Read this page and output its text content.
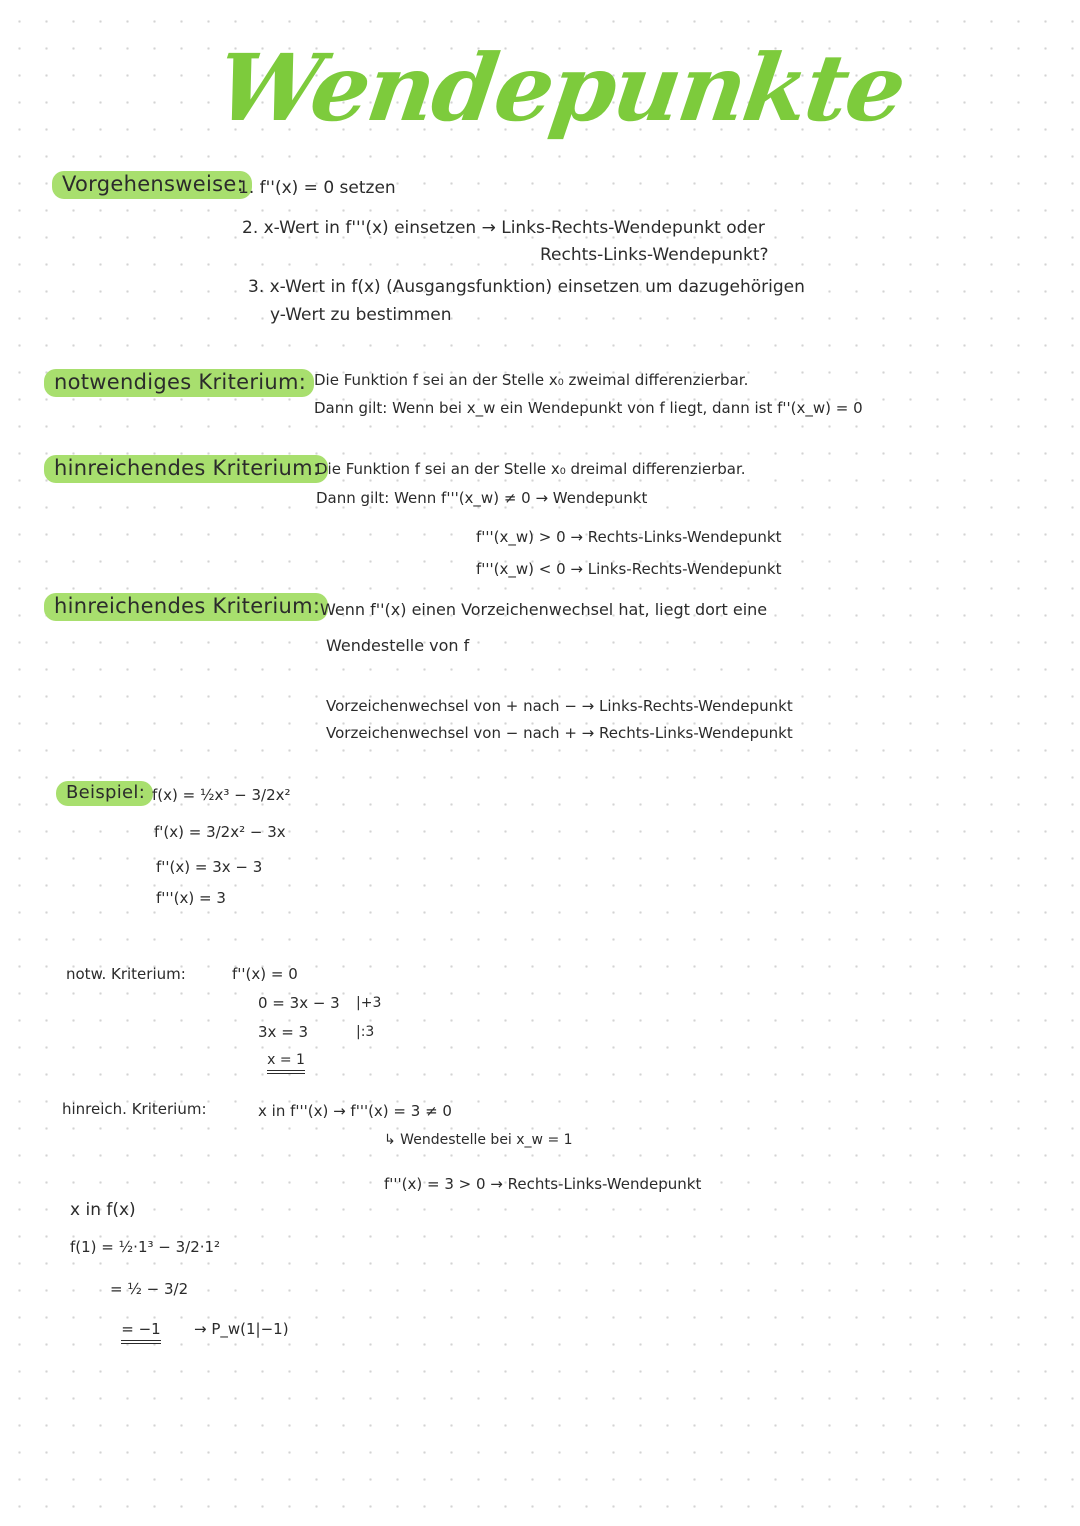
Wendepunkte
Vorgehensweise:
1. f''(x) = 0 setzen
2. x-Wert in f'''(x) einsetzen → Links-Rechts-Wendepunkt oder
Rechts-Links-Wendepunkt?
3. x-Wert in f(x) (Ausgangsfunktion) einsetzen um dazugehörigen
y-Wert zu bestimmen
notwendiges Kriterium: Die Funktion f sei an der Stelle x₀ zweimal differenzierbar.
Dann gilt: Wenn bei x_w ein Wendepunkt von f liegt, dann ist f''(x_w) = 0
hinreichendes Kriterium:
Die Funktion f sei an der Stelle x₀ dreimal differenzierbar.
Dann gilt: Wenn f'''(x_w) ≠ 0 → Wendepunkt
f'''(x_w) > 0 → Rechts-Links-Wendepunkt
f'''(x_w) < 0 → Links-Rechts-Wendepunkt
hinreichendes Kriterium: Wenn f''(x) einen Vorzeichenwechsel hat, liegt dort eine
Wendestelle von f
Vorzeichenwechsel von + nach − → Links-Rechts-Wendepunkt
Vorzeichenwechsel von − nach + → Rechts-Links-Wendepunkt
Beispiel: f(x) = ½x³ − 3/2x²
f'(x) = 3/2x² − 3x
f''(x) = 3x − 3
f'''(x) = 3
notw. Kriterium:	f''(x) = 0
0 = 3x − 3 |+3
3x = 3	|:3
x = 1
hinreich. Kriterium:	x in f'''(x) → f'''(x) = 3 ≠ 0
↳ Wendestelle bei x_w = 1
f'''(x) = 3 > 0 → Rechts-Links-Wendepunkt
x in f(x)
f(1) = ½·1³ − 3/2·1²
= ½ − 3/2
= −1	→ P_w(1|−1)
